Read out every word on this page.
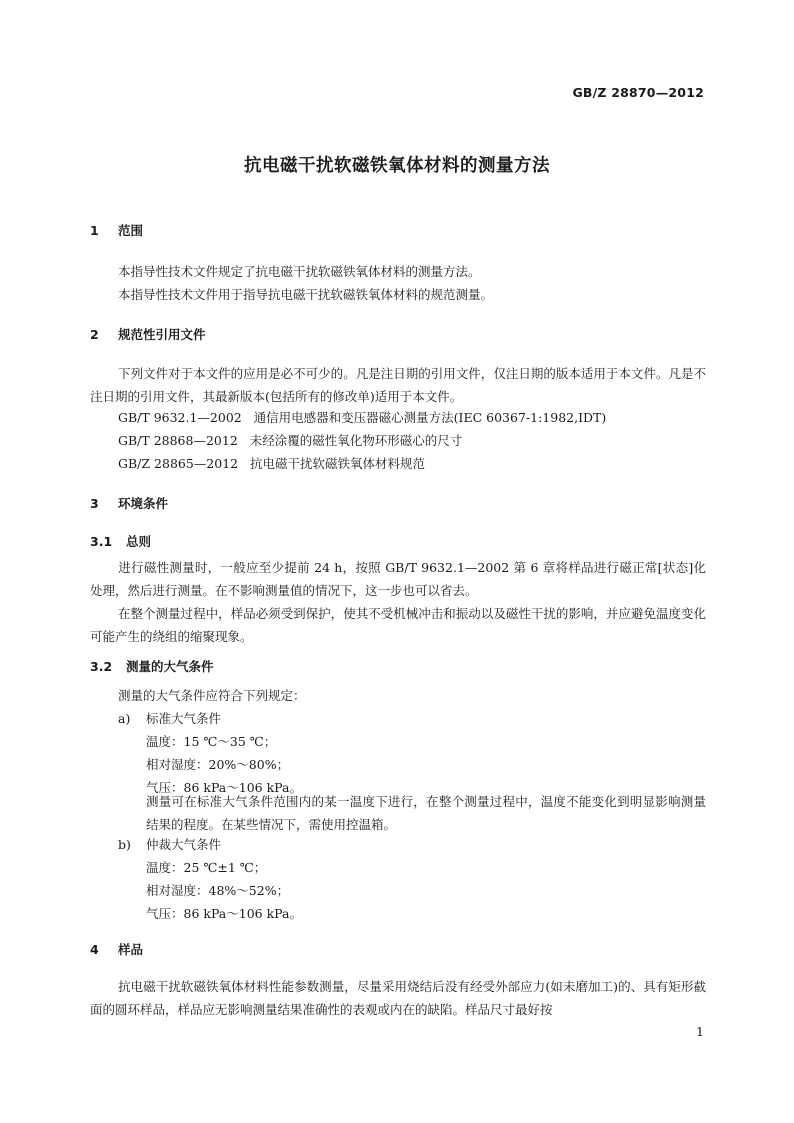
GB/Z 28870—2012
抗电磁干扰软磁铁氧体材料的测量方法
1 范围
本指导性技术文件规定了抗电磁干扰软磁铁氧体材料的测量方法。
本指导性技术文件用于指导抗电磁干扰软磁铁氧体材料的规范测量。
2 规范性引用文件
下列文件对于本文件的应用是必不可少的。凡是注日期的引用文件，仅注日期的版本适用于本文件。凡是不注日期的引用文件，其最新版本(包括所有的修改单)适用于本文件。
GB/T 9632.1—2002 通信用电感器和变压器磁心测量方法(IEC 60367-1:1982,IDT)
GB/T 28868—2012 未经涂覆的磁性氧化物环形磁心的尺寸
GB/Z 28865—2012 抗电磁干扰软磁铁氧体材料规范
3 环境条件
3.1 总则
进行磁性测量时，一般应至少提前 24 h，按照 GB/T 9632.1—2002 第 6 章将样品进行磁正常[状态]化处理，然后进行测量。在不影响测量值的情况下，这一步也可以省去。
在整个测量过程中，样品必须受到保护，使其不受机械冲击和振动以及磁性干扰的影响，并应避免温度变化可能产生的绕组的缩聚现象。
3.2 测量的大气条件
测量的大气条件应符合下列规定：
a) 标准大气条件
温度：15 ℃～35 ℃；
相对湿度：20%～80%；
气压：86 kPa～106 kPa。
测量可在标准大气条件范围内的某一温度下进行，在整个测量过程中，温度不能变化到明显影响测量结果的程度。在某些情况下，需使用控温箱。
b) 仲裁大气条件
温度：25 ℃±1 ℃；
相对湿度：48%～52%；
气压：86 kPa～106 kPa。
4 样品
抗电磁干扰软磁铁氧体材料性能参数测量，尽量采用烧结后没有经受外部应力(如未磨加工)的、具有矩形截面的圆环样品，样品应无影响测量结果准确性的表观或内在的缺陷。样品尺寸最好按
1
